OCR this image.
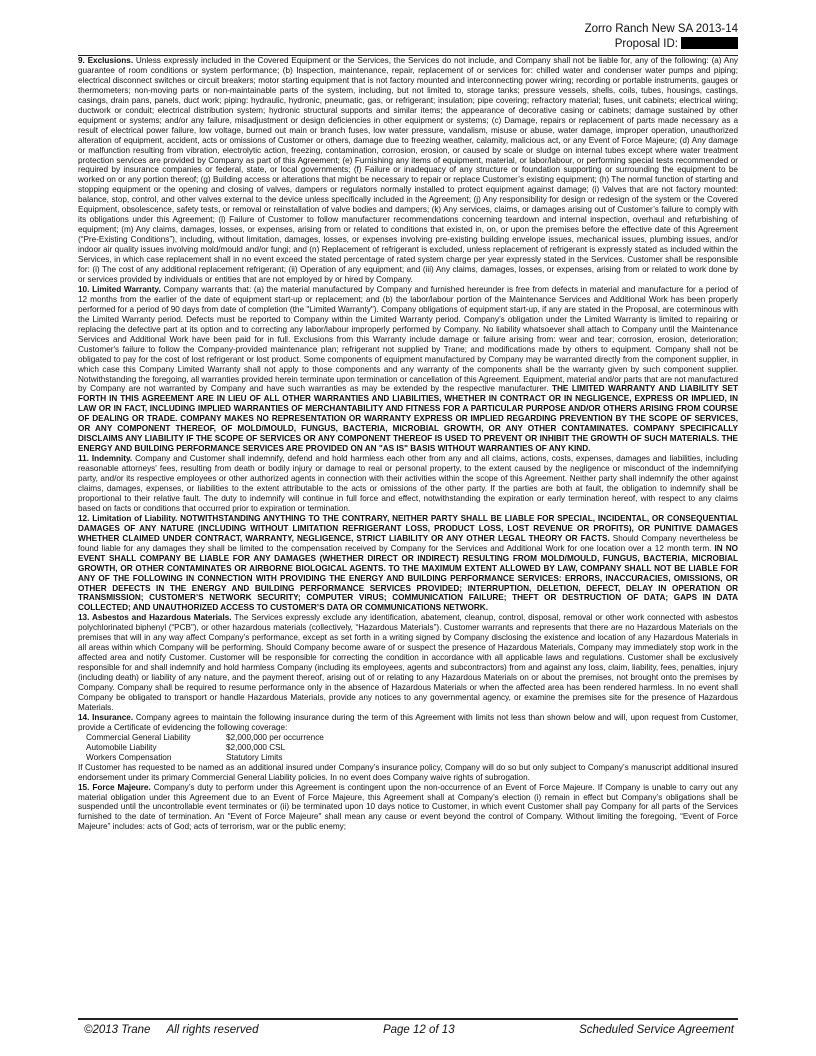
Zorro Ranch New SA 2013-14
Proposal ID:

9. Exclusions. Unless expressly included in the Covered Equipment or the Services, the Services do not include, and Company shall not be liable for, any of the following: (a) Any guarantee of room conditions or system performance; (b) Inspection, maintenance, repair, replacement of or services for: chilled water and condenser water pumps and piping; electrical disconnect switches or circuit breakers; motor starting equipment that is not factory mounted and interconnecting power wiring; recording or portable instruments, gauges or thermometers; non-moving parts or non-maintainable parts of the system, including, but not limited to, storage tanks; pressure vessels, shells, coils, tubes, housings, castings, casings, drain pans, panels, duct work; piping: hydraulic, hydronic, pneumatic, gas, or refrigerant; insulation; pipe covering; refractory material; fuses, unit cabinets; electrical wiring; ductwork or conduit; electrical distribution system; hydronic structural supports and similar items; the appearance of decorative casing or cabinets; damage sustained by other equipment or systems; and/or any failure, misadjustment or design deficiencies in other equipment or systems; (c) Damage, repairs or replacement of parts made necessary as a result of electrical power failure, low voltage, burned out main or branch fuses, low water pressure, vandalism, misuse or abuse, water damage, improper operation, unauthorized alteration of equipment, accident, acts or omissions of Customer or others, damage due to freezing weather, calamity, malicious act, or any Event of Force Majeure; (d) Any damage or malfunction resulting from vibration, electrolytic action, freezing, contamination, corrosion, erosion, or caused by scale or sludge on internal tubes except where water treatment protection services are provided by Company as part of this Agreement; (e) Furnishing any items of equipment, material, or labor/labour, or performing special tests recommended or required by insurance companies or federal, state, or local governments; (f) Failure or inadequacy of any structure or foundation supporting or surrounding the equipment to be worked on or any portion thereof; (g) Building access or alterations that might be necessary to repair or replace Customer’s existing equipment; (h) The normal function of starting and stopping equipment or the opening and closing of valves, dampers or regulators normally installed to protect equipment against damage; (i) Valves that are not factory mounted: balance, stop, control, and other valves external to the device unless specifically included in the Agreement; (j) Any responsibility for design or redesign of the system or the Covered Equipment, obsolescence, safety tests, or removal or reinstallation of valve bodies and dampers; (k) Any services, claims, or damages arising out of Customer’s failure to comply with its obligations under this Agreement; (l) Failure of Customer to follow manufacturer recommendations concerning teardown and internal inspection, overhaul and refurbishing of equipment; (m) Any claims, damages, losses, or expenses, arising from or related to conditions that existed in, on, or upon the premises before the effective date of this Agreement (“Pre-Existing Conditions”), including, without limitation, damages, losses, or expenses involving pre-existing building envelope issues, mechanical issues, plumbing issues, and/or indoor air quality issues involving mold/mould and/or fungi; and (n) Replacement of refrigerant is excluded, unless replacement of refrigerant is expressly stated as included within the Services, in which case replacement shall in no event exceed the stated percentage of rated system charge per year expressly stated in the Services. Customer shall be responsible for: (i) The cost of any additional replacement refrigerant; (ii) Operation of any equipment; and (iii) Any claims, damages, losses, or expenses, arising from or related to work done by or services provided by individuals or entities that are not employed by or hired by Company.

10. Limited Warranty. Company warrants that: (a) the material manufactured by Company and furnished hereunder is free from defects in material and manufacture for a period of 12 months from the earlier of the date of equipment start-up or replacement; and (b) the labor/labour portion of the Maintenance Services and Additional Work has been properly performed for a period of 90 days from date of completion (the "Limited Warranty"). Company obligations of equipment start-up, if any are stated in the Proposal, are coterminous with the Limited Warranty period. Defects must be reported to Company within the Limited Warranty period. Company’s obligation under the Limited Warranty is limited to repairing or replacing the defective part at its option and to correcting any labor/labour improperly performed by Company. No liability whatsoever shall attach to Company until the Maintenance Services and Additional Work have been paid for in full. Exclusions from this Warranty include damage or failure arising from: wear and tear; corrosion, erosion, deterioration; Customer's failure to follow the Company-provided maintenance plan; refrigerant not supplied by Trane; and modifications made by others to equipment. Company shall not be obligated to pay for the cost of lost refrigerant or lost product. Some components of equipment manufactured by Company may be warranted directly from the component supplier, in which case this Company Limited Warranty shall not apply to those components and any warranty of the components shall be the warranty given by such component supplier. Notwithstanding the foregoing, all warranties provided herein terminate upon termination or cancellation of this Agreement. Equipment, material and/or parts that are not manufactured by Company are not warranted by Company and have such warranties as may be extended by the respective manufacturer. THE LIMITED WARRANTY AND LIABILITY SET FORTH IN THIS AGREEMENT ARE IN LIEU OF ALL OTHER WARRANTIES AND LIABILITIES, WHETHER IN CONTRACT OR IN NEGLIGENCE, EXPRESS OR IMPLIED, IN LAW OR IN FACT, INCLUDING IMPLIED WARRANTIES OF MERCHANTABILITY AND FITNESS FOR A PARTICULAR PURPOSE AND/OR OTHERS ARISING FROM COURSE OF DEALING OR TRADE. COMPANY MAKES NO REPRESENTATION OR WARRANTY EXPRESS OR IMPLIED REGARDING PREVENTION BY THE SCOPE OF SERVICES, OR ANY COMPONENT THEREOF, OF MOLD/MOULD, FUNGUS, BACTERIA, MICROBIAL GROWTH, OR ANY OTHER CONTAMINATES. COMPANY SPECIFICALLY DISCLAIMS ANY LIABILITY IF THE SCOPE OF SERVICES OR ANY COMPONENT THEREOF IS USED TO PREVENT OR INHIBIT THE GROWTH OF SUCH MATERIALS. THE ENERGY AND BUILDING PERFORMANCE SERVICES ARE PROVIDED ON AN "AS IS" BASIS WITHOUT WARRANTIES OF ANY KIND.

11. Indemnity. Company and Customer shall indemnify, defend and hold harmless each other from any and all claims, actions, costs, expenses, damages and liabilities, including reasonable attorneys' fees, resulting from death or bodily injury or damage to real or personal property, to the extent caused by the negligence or misconduct of the indemnifying party, and/or its respective employees or other authorized agents in connection with their activities within the scope of this Agreement. Neither party shall indemnify the other against claims, damages, expenses, or liabilities to the extent attributable to the acts or omissions of the other party. If the parties are both at fault, the obligation to indemnify shall be proportional to their relative fault. The duty to indemnify will continue in full force and effect, notwithstanding the expiration or early termination hereof, with respect to any claims based on facts or conditions that occurred prior to expiration or termination.

12. Limitation of Liability. NOTWITHSTANDING ANYTHING TO THE CONTRARY, NEITHER PARTY SHALL BE LIABLE FOR SPECIAL, INCIDENTAL, OR CONSEQUENTIAL DAMAGES OF ANY NATURE (INCLUDING WITHOUT LIMITATION REFRIGERANT LOSS, PRODUCT LOSS, LOST REVENUE OR PROFITS), OR PUNITIVE DAMAGES WHETHER CLAIMED UNDER CONTRACT, WARRANTY, NEGLIGENCE, STRICT LIABILITY OR ANY OTHER LEGAL THEORY OR FACTS. Should Company nevertheless be found liable for any damages they shall be limited to the compensation received by Company for the Services and Additional Work for one location over a 12 month term. IN NO EVENT SHALL COMPANY BE LIABLE FOR ANY DAMAGES (WHETHER DIRECT OR INDIRECT) RESULTING FROM MOLD/MOULD, FUNGUS, BACTERIA, MICROBIAL GROWTH, OR OTHER CONTAMINATES OR AIRBORNE BIOLOGICAL AGENTS. TO THE MAXIMUM EXTENT ALLOWED BY LAW, COMPANY SHALL NOT BE LIABLE FOR ANY OF THE FOLLOWING IN CONNECTION WITH PROVIDING THE ENERGY AND BUILDING PERFORMANCE SERVICES: ERRORS, INACCURACIES, OMISSIONS, OR OTHER DEFECTS IN THE ENERGY AND BUILDING PERFORMANCE SERVICES PROVIDED; INTERRUPTION, DELETION, DEFECT, DELAY IN OPERATION OR TRANSMISSION; CUSTOMER’S NETWORK SECURITY; COMPUTER VIRUS; COMMUNICATION FAILURE; THEFT OR DESTRUCTION OF DATA; GAPS IN DATA COLLECTED; AND UNAUTHORIZED ACCESS TO CUSTOMER’S DATA OR COMMUNICATIONS NETWORK.

13. Asbestos and Hazardous Materials. The Services expressly exclude any identification, abatement, cleanup, control, disposal, removal or other work connected with asbestos polychlorinated biphenyl (“PCB”), or other hazardous materials (collectively, “Hazardous Materials”). Customer warrants and represents that there are no Hazardous Materials on the premises that will in any way affect Company’s performance, except as set forth in a writing signed by Company disclosing the existence and location of any Hazardous Materials in all areas within which Company will be performing. Should Company become aware of or suspect the presence of Hazardous Materials, Company may immediately stop work in the affected area and notify Customer. Customer will be responsible for correcting the condition in accordance with all applicable laws and regulations. Customer shall be exclusively responsible for and shall indemnify and hold harmless Company (including its employees, agents and subcontractors) from and against any loss, claim, liability, fees, penalties, injury (including death) or liability of any nature, and the payment thereof, arising out of or relating to any Hazardous Materials on or about the premises, not brought onto the premises by Company. Company shall be required to resume performance only in the absence of Hazardous Materials or when the affected area has been rendered harmless. In no event shall Company be obligated to transport or handle Hazardous Materials, provide any notices to any governmental agency, or examine the premises site for the presence of Hazardous Materials.

14. Insurance. Company agrees to maintain the following insurance during the term of this Agreement with limits not less than shown below and will, upon request from Customer, provide a Certificate of evidencing the following coverage:

Commercial General Liability	$2,000,000 per occurrence
Automobile Liability	$2,000,000 CSL
Workers Compensation	Statutory Limits

If Customer has requested to be named as an additional insured under Company’s insurance policy, Company will do so but only subject to Company’s manuscript additional insured endorsement under its primary Commercial General Liability policies. In no event does Company waive rights of subrogation.

15. Force Majeure. Company’s duty to perform under this Agreement is contingent upon the non-occurrence of an Event of Force Majeure. If Company is unable to carry out any material obligation under this Agreement due to an Event of Force Majeure, this Agreement shall at Company’s election (i) remain in effect but Company’s obligations shall be suspended until the uncontrollable event terminates or (ii) be terminated upon 10 days notice to Customer, in which event Customer shall pay Company for all parts of the Services furnished to the date of termination. An "Event of Force Majeure" shall mean any cause or event beyond the control of Company. Without limiting the foregoing, “Event of Force Majeure” includes: acts of God; acts of terrorism, war or the public enemy;

©2013 Trane All rights reserved	Page 12 of 13	Scheduled Service Agreement
